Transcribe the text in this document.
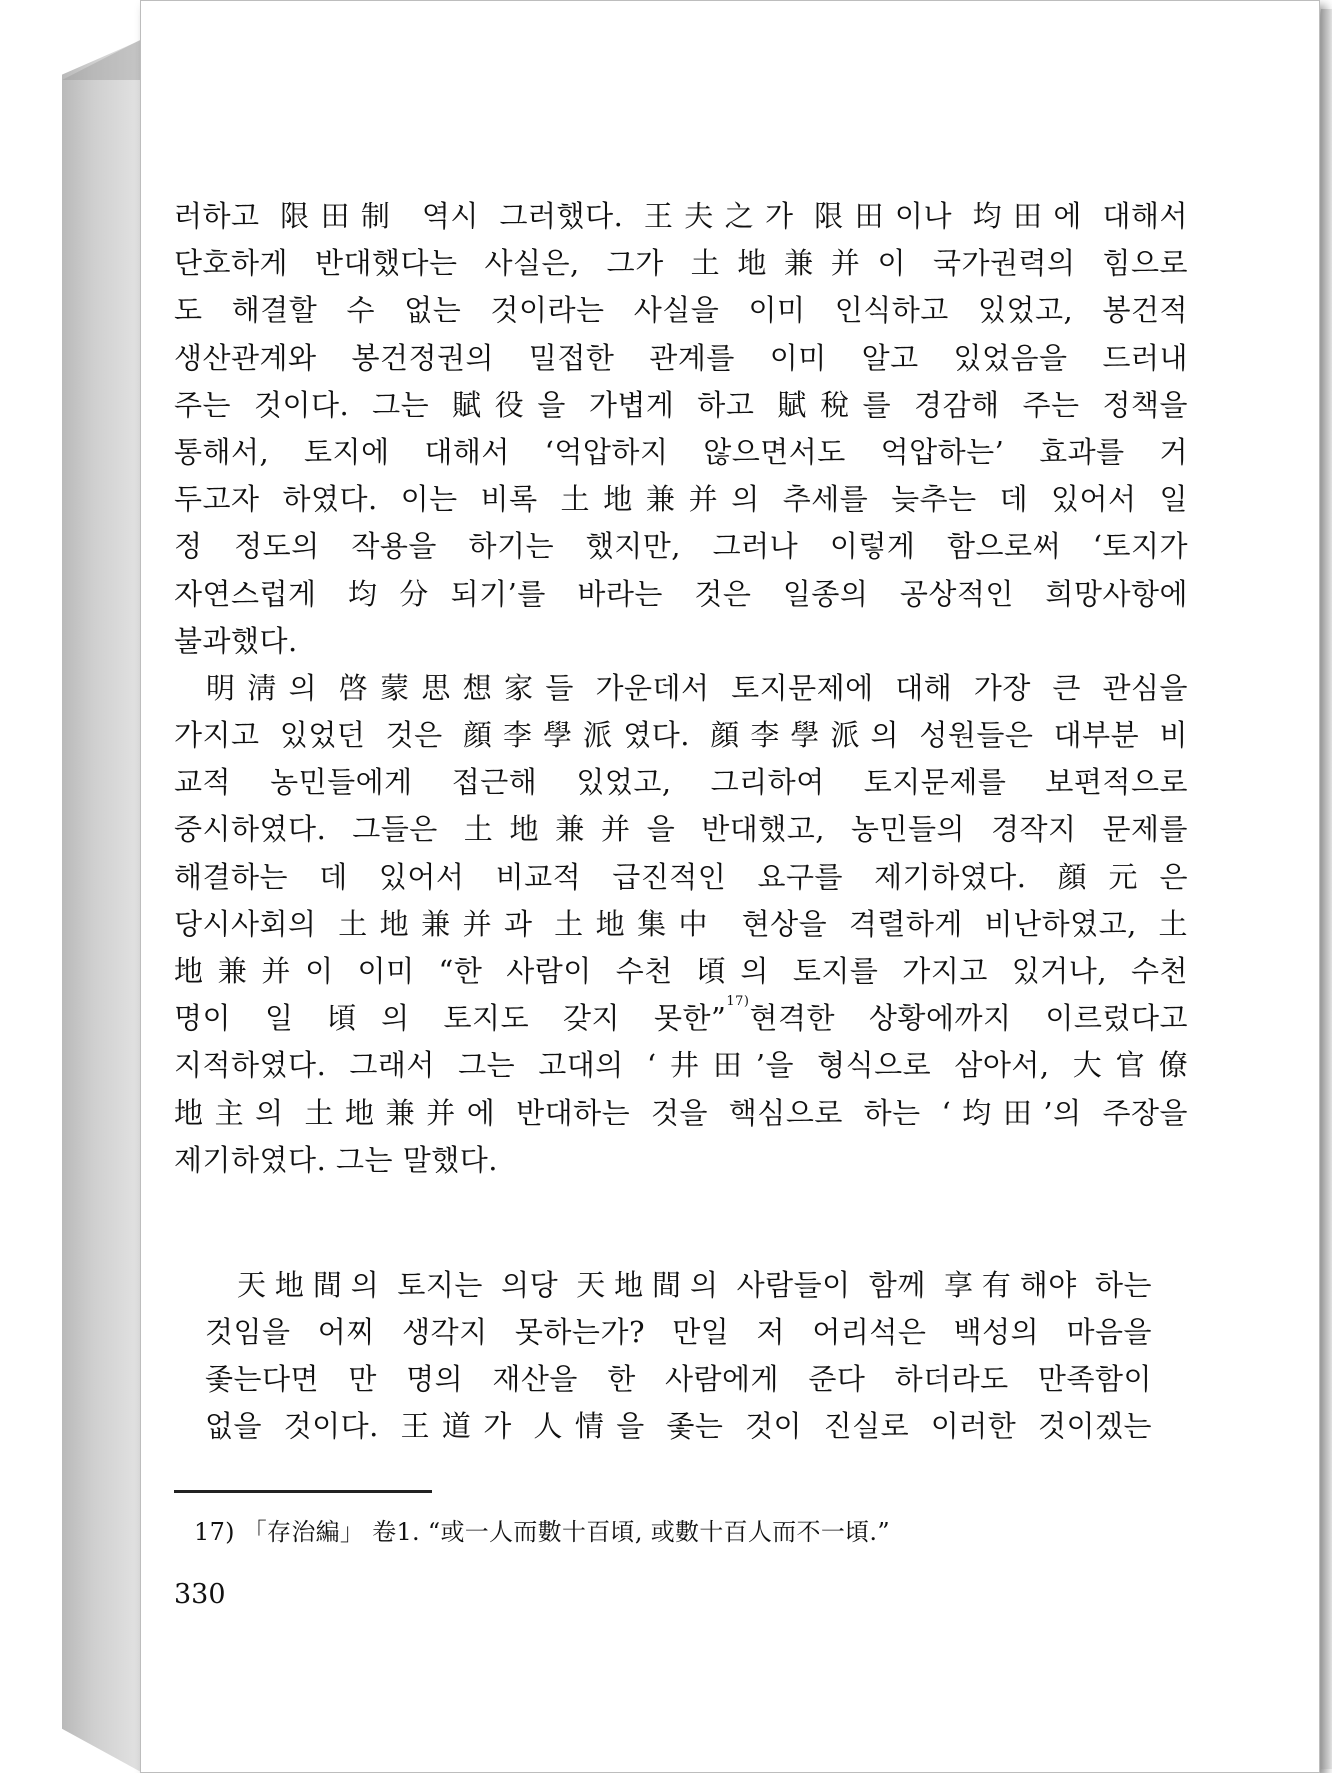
러하고 限田制 역시 그러했다. 王夫之가 限田이나 均田에 대해서
단호하게 반대했다는 사실은, 그가 土地兼并이 국가권력의 힘으로
도 해결할 수 없는 것이라는 사실을 이미 인식하고 있었고, 봉건적
생산관계와 봉건정권의 밀접한 관계를 이미 알고 있었음을 드러내
주는 것이다. 그는 賦役을 가볍게 하고 賦稅를 경감해 주는 정책을
통해서, 토지에 대해서 ‘억압하지 않으면서도 억압하는’ 효과를 거
두고자 하였다. 이는 비록 土地兼并의 추세를 늦추는 데 있어서 일
정 정도의 작용을 하기는 했지만, 그러나 이렇게 함으로써 ‘토지가
자연스럽게 均分되기’를 바라는 것은 일종의 공상적인 희망사항에
불과했다.
明淸의 啓蒙思想家들 가운데서 토지문제에 대해 가장 큰 관심을
가지고 있었던 것은 顔李學派였다. 顔李學派의 성원들은 대부분 비
교적 농민들에게 접근해 있었고, 그리하여 토지문제를 보편적으로
중시하였다. 그들은 土地兼并을 반대했고, 농민들의 경작지 문제를
해결하는 데 있어서 비교적 급진적인 요구를 제기하였다. 顔元은
당시사회의 土地兼并과 土地集中 현상을 격렬하게 비난하였고, 土
地兼并이 이미 “한 사람이 수천 頃의 토지를 가지고 있거나, 수천
명이 일 頃의 토지도 갖지 못한”$^{17)}$현격한 상황에까지 이르렀다고
지적하였다. 그래서 그는 고대의 ‘井田’을 형식으로 삼아서, 大官僚
地主의 土地兼并에 반대하는 것을 핵심으로 하는 ‘均田’의 주장을
제기하였다. 그는 말했다.
天地間의 토지는 의당 天地間의 사람들이 함께 享有해야 하는
것임을 어찌 생각지 못하는가? 만일 저 어리석은 백성의 마음을
좇는다면 만 명의 재산을 한 사람에게 준다 하더라도 만족함이
없을 것이다. 王道가 人情을 좇는 것이 진실로 이러한 것이겠는
17) 「存治編」 卷1. “或一人而數十百頃, 或數十百人而不一頃.”
330
